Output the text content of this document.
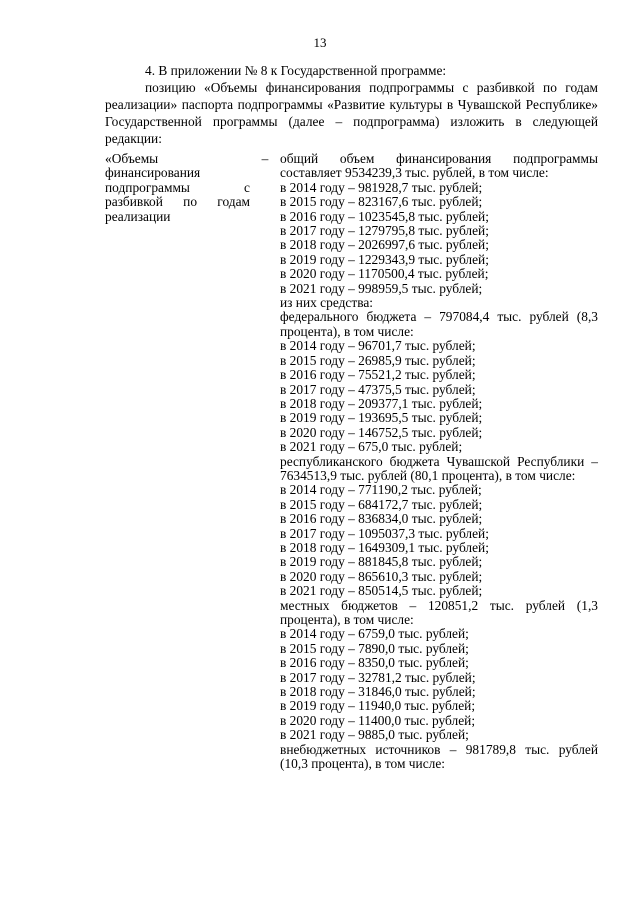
13

4. В приложении № 8 к Государственной программе:

позицию «Объемы финансирования подпрограммы с разбивкой по годам реализации» паспорта подпрограммы «Развитие культуры в Чувашской Республике» Государственной программы (далее – подпрограмма) изложить в следующей редакции:

«Объемы финансирования подпрограммы с разбивкой по годам реализации
– общий объем финансирования подпрограммы составляет 9534239,3 тыс. рублей, в том числе:
в 2014 году – 981928,7 тыс. рублей;
в 2015 году – 823167,6 тыс. рублей;
в 2016 году – 1023545,8 тыс. рублей;
в 2017 году – 1279795,8 тыс. рублей;
в 2018 году – 2026997,6 тыс. рублей;
в 2019 году – 1229343,9 тыс. рублей;
в 2020 году – 1170500,4 тыс. рублей;
в 2021 году – 998959,5 тыс. рублей;
из них средства:
федерального бюджета – 797084,4 тыс. рублей (8,3 процента), в том числе:
в 2014 году – 96701,7 тыс. рублей;
в 2015 году – 26985,9 тыс. рублей;
в 2016 году – 75521,2 тыс. рублей;
в 2017 году – 47375,5 тыс. рублей;
в 2018 году – 209377,1 тыс. рублей;
в 2019 году – 193695,5 тыс. рублей;
в 2020 году – 146752,5 тыс. рублей;
в 2021 году – 675,0 тыс. рублей;
республиканского бюджета Чувашской Республики – 7634513,9 тыс. рублей (80,1 процента), в том числе:
в 2014 году – 771190,2 тыс. рублей;
в 2015 году – 684172,7 тыс. рублей;
в 2016 году – 836834,0 тыс. рублей;
в 2017 году – 1095037,3 тыс. рублей;
в 2018 году – 1649309,1 тыс. рублей;
в 2019 году – 881845,8 тыс. рублей;
в 2020 году – 865610,3 тыс. рублей;
в 2021 году – 850514,5 тыс. рублей;
местных бюджетов – 120851,2 тыс. рублей (1,3 процента), в том числе:
в 2014 году – 6759,0 тыс. рублей;
в 2015 году – 7890,0 тыс. рублей;
в 2016 году – 8350,0 тыс. рублей;
в 2017 году – 32781,2 тыс. рублей;
в 2018 году – 31846,0 тыс. рублей;
в 2019 году – 11940,0 тыс. рублей;
в 2020 году – 11400,0 тыс. рублей;
в 2021 году – 9885,0 тыс. рублей;
внебюджетных источников – 981789,8 тыс. рублей (10,3 процента), в том числе:
